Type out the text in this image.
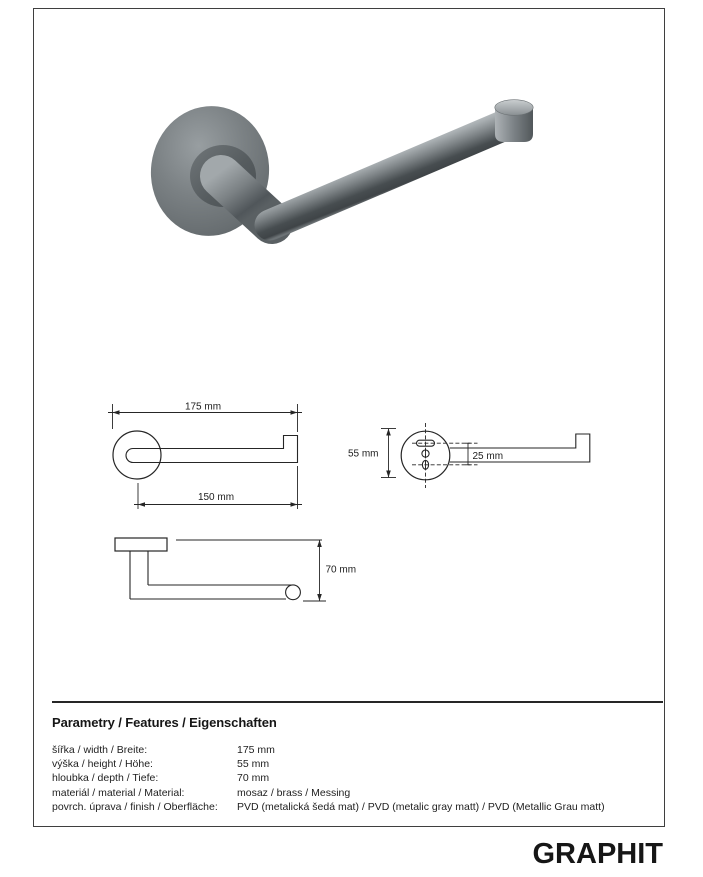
175 mm
150 mm
55 mm	25 mm
70 mm
Parametry / Features / Eigenschaften
šířka / width / Breite:	175 mm
výška / height / Höhe:	55 mm
hloubka / depth / Tiefe:	70 mm
materiál / material / Material:	mosaz / brass / Messing
povrch. úprava / finish / Oberfläche:	PVD (metalická šedá mat) / PVD (metalic gray matt) / PVD (Metallic Grau matt)
GRAPHIT
